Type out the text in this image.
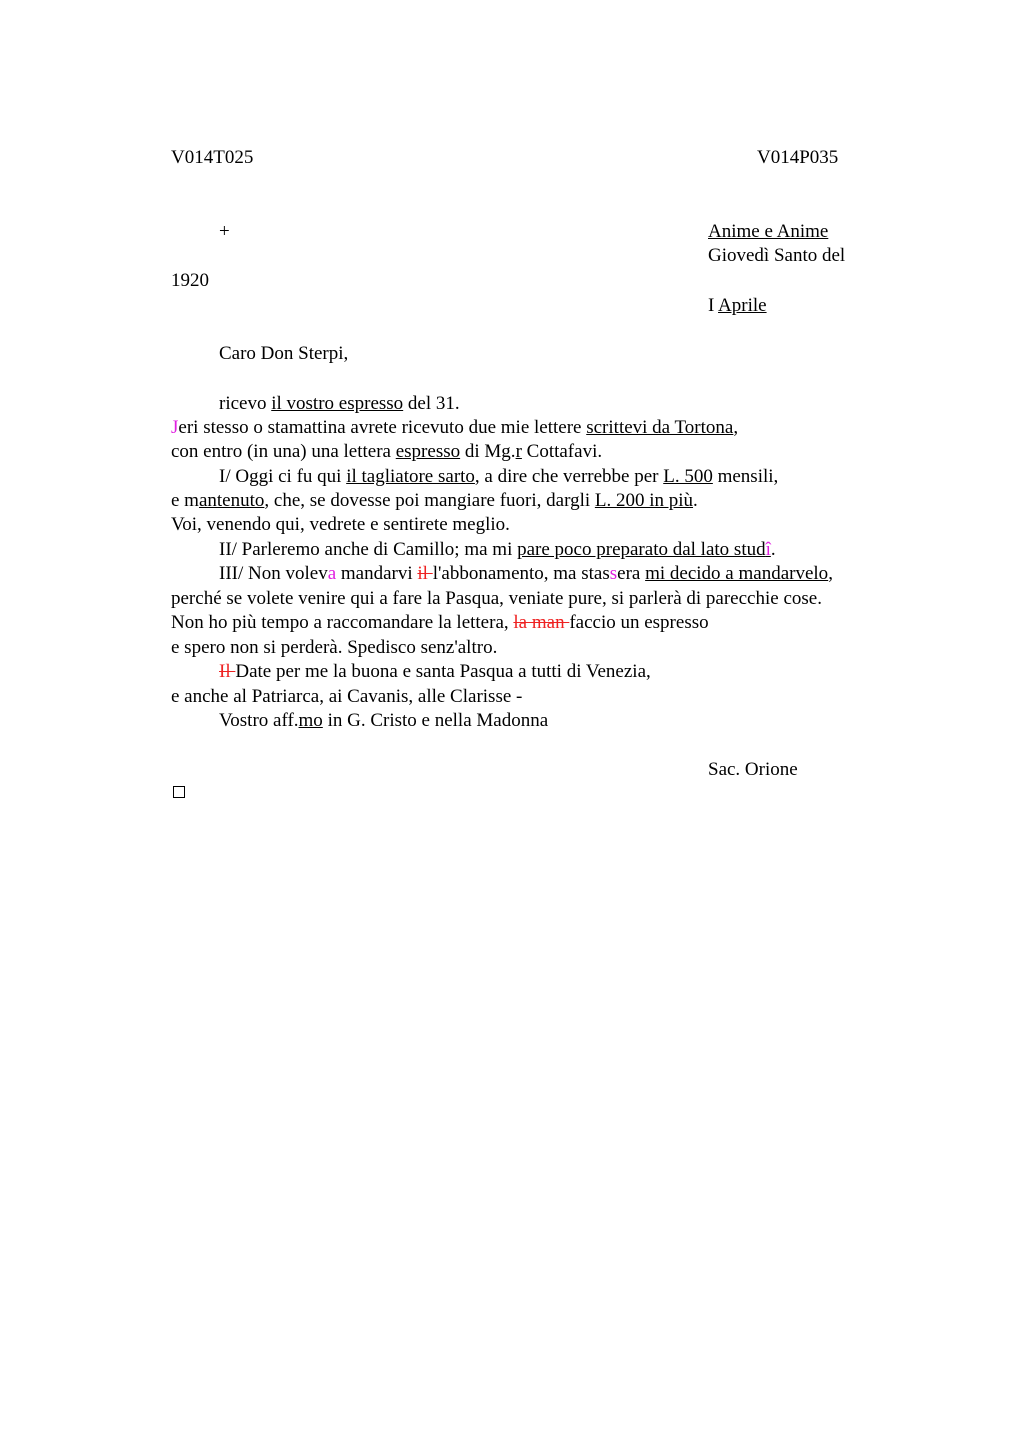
V014T025	V014P035
+	Anime e Anime
Giovedì Santo del
1920
I Aprile
Caro Don Sterpi,
ricevo il vostro espresso del 31.
Jeri stesso o stamattina avrete ricevuto due mie lettere scrittevi da Tortona,
con entro (in una) una lettera espresso di Mg.r Cottafavi.
I/ Oggi ci fu qui il tagliatore sarto, a dire che verrebbe per L. 500 mensili,
e mantenuto, che, se dovesse poi mangiare fuori, dargli L. 200 in più.
Voi, venendo qui, vedrete e sentirete meglio.
II/ Parleremo anche di Camillo; ma mi pare poco preparato dal lato studî.
III/ Non voleva mandarvi il l'abbonamento, ma stassera mi decido a mandarvelo,
perché se volete venire qui a fare la Pasqua, veniate pure, si parlerà di parecchie cose.
Non ho più tempo a raccomandare la lettera, la man faccio un espresso
e spero non si perderà. Spedisco senz'altro.
Il Date per me la buona e santa Pasqua a tutti di Venezia,
e anche al Patriarca, ai Cavanis, alle Clarisse -
Vostro aff.mo in G. Cristo e nella Madonna
Sac. Orione
